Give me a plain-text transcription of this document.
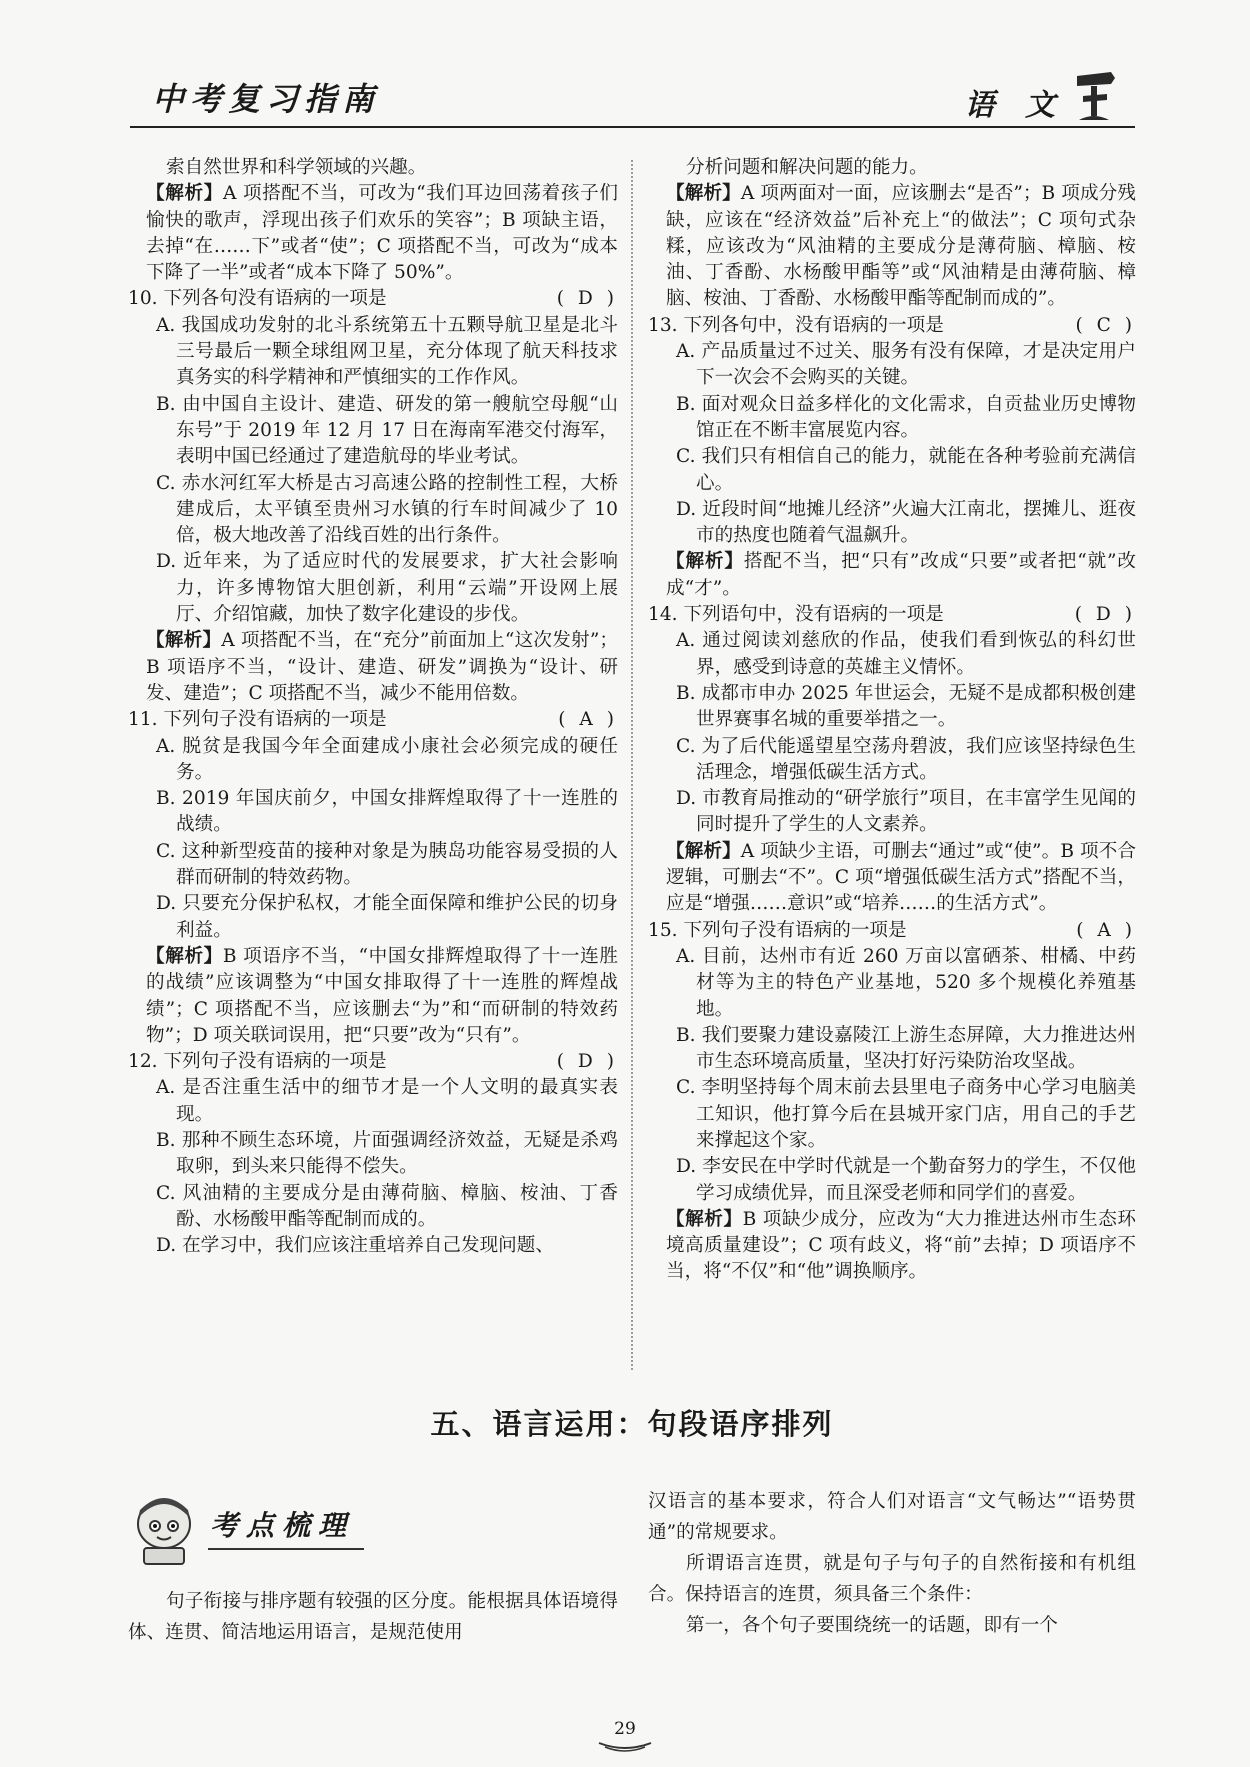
中考复习指南	语 文

索自然世界和科学领域的兴趣。

【解析】A 项搭配不当，可改为“我们耳边回荡着孩子们愉快的歌声，浮现出孩子们欢乐的笑容”；B 项缺主语，去掉“在……下”或者“使”；C 项搭配不当，可改为“成本下降了一半”或者“成本下降了 50%”。

10. 下列各句没有语病的一项是	( D )

A. 我国成功发射的北斗系统第五十五颗导航卫星是北斗三号最后一颗全球组网卫星，充分体现了航天科技求真务实的科学精神和严慎细实的工作作风。

B. 由中国自主设计、建造、研发的第一艘航空母舰“山东号”于 2019 年 12 月 17 日在海南军港交付海军，表明中国已经通过了建造航母的毕业考试。

C. 赤水河红军大桥是古习高速公路的控制性工程，大桥建成后，太平镇至贵州习水镇的行车时间减少了 10 倍，极大地改善了沿线百姓的出行条件。

D. 近年来，为了适应时代的发展要求，扩大社会影响力，许多博物馆大胆创新，利用“云端”开设网上展厅、介绍馆藏，加快了数字化建设的步伐。

【解析】A 项搭配不当，在“充分”前面加上“这次发射”；B 项语序不当，“设计、建造、研发”调换为“设计、研发、建造”；C 项搭配不当，减少不能用倍数。

11. 下列句子没有语病的一项是	( A )

A. 脱贫是我国今年全面建成小康社会必须完成的硬任务。

B. 2019 年国庆前夕，中国女排辉煌取得了十一连胜的战绩。

C. 这种新型疫苗的接种对象是为胰岛功能容易受损的人群而研制的特效药物。

D. 只要充分保护私权，才能全面保障和维护公民的切身利益。

【解析】B 项语序不当，“中国女排辉煌取得了十一连胜的战绩”应该调整为“中国女排取得了十一连胜的辉煌战绩”；C 项搭配不当，应该删去“为”和“而研制的特效药物”；D 项关联词误用，把“只要”改为“只有”。

12. 下列句子没有语病的一项是	( D )

A. 是否注重生活中的细节才是一个人文明的最真实表现。

B. 那种不顾生态环境，片面强调经济效益，无疑是杀鸡取卵，到头来只能得不偿失。

C. 风油精的主要成分是由薄荷脑、樟脑、桉油、丁香酚、水杨酸甲酯等配制而成的。

D. 在学习中，我们应该注重培养自己发现问题、

分析问题和解决问题的能力。

【解析】A 项两面对一面，应该删去“是否”；B 项成分残缺，应该在“经济效益”后补充上“的做法”；C 项句式杂糅，应该改为“风油精的主要成分是薄荷脑、樟脑、桉油、丁香酚、水杨酸甲酯等”或“风油精是由薄荷脑、樟脑、桉油、丁香酚、水杨酸甲酯等配制而成的”。

13. 下列各句中，没有语病的一项是	( C )

A. 产品质量过不过关、服务有没有保障，才是决定用户下一次会不会购买的关键。

B. 面对观众日益多样化的文化需求，自贡盐业历史博物馆正在不断丰富展览内容。

C. 我们只有相信自己的能力，就能在各种考验前充满信心。

D. 近段时间“地摊儿经济”火遍大江南北，摆摊儿、逛夜市的热度也随着气温飙升。

【解析】搭配不当，把“只有”改成“只要”或者把“就”改成“才”。

14. 下列语句中，没有语病的一项是	( D )

A. 通过阅读刘慈欣的作品，使我们看到恢弘的科幻世界，感受到诗意的英雄主义情怀。

B. 成都市申办 2025 年世运会，无疑不是成都积极创建世界赛事名城的重要举措之一。

C. 为了后代能遥望星空荡舟碧波，我们应该坚持绿色生活理念，增强低碳生活方式。

D. 市教育局推动的“研学旅行”项目，在丰富学生见闻的同时提升了学生的人文素养。

【解析】A 项缺少主语，可删去“通过”或“使”。B 项不合逻辑，可删去“不”。C 项“增强低碳生活方式”搭配不当，应是“增强……意识”或“培养……的生活方式”。

15. 下列句子没有语病的一项是	( A )

A. 目前，达州市有近 260 万亩以富硒茶、柑橘、中药材等为主的特色产业基地，520 多个规模化养殖基地。

B. 我们要聚力建设嘉陵江上游生态屏障，大力推进达州市生态环境高质量，坚决打好污染防治攻坚战。

C. 李明坚持每个周末前去县里电子商务中心学习电脑美工知识，他打算今后在县城开家门店，用自己的手艺来撑起这个家。

D. 李安民在中学时代就是一个勤奋努力的学生，不仅他学习成绩优异，而且深受老师和同学们的喜爱。

【解析】B 项缺少成分，应改为“大力推进达州市生态环境高质量建设”；C 项有歧义，将“前”去掉；D 项语序不当，将“不仅”和“他”调换顺序。

五、语言运用：句段语序排列
考点梳理

句子衔接与排序题有较强的区分度。能根据具体语境得体、连贯、简洁地运用语言，是规范使用

汉语言的基本要求，符合人们对语言“文气畅达”“语势贯通”的常规要求。

所谓语言连贯，就是句子与句子的自然衔接和有机组合。保持语言的连贯，须具备三个条件：

第一，各个句子要围绕统一的话题，即有一个

29
